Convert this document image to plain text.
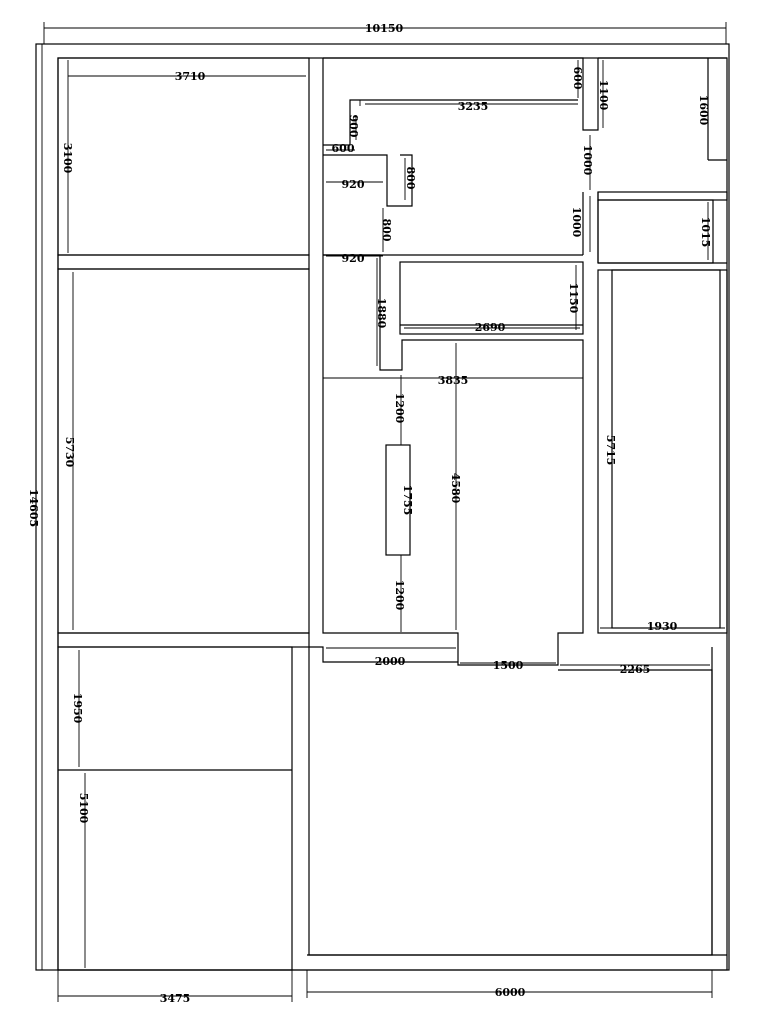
10150
14605
3710
3100
5730
600
1100	1600
3235
900
600	1000
920	800
800	1000	1015
920
1880	1150
2690
3835
1200
1755	4580
1200
5715
1930
2000	1500	2265
1950
5100
3475	6000
